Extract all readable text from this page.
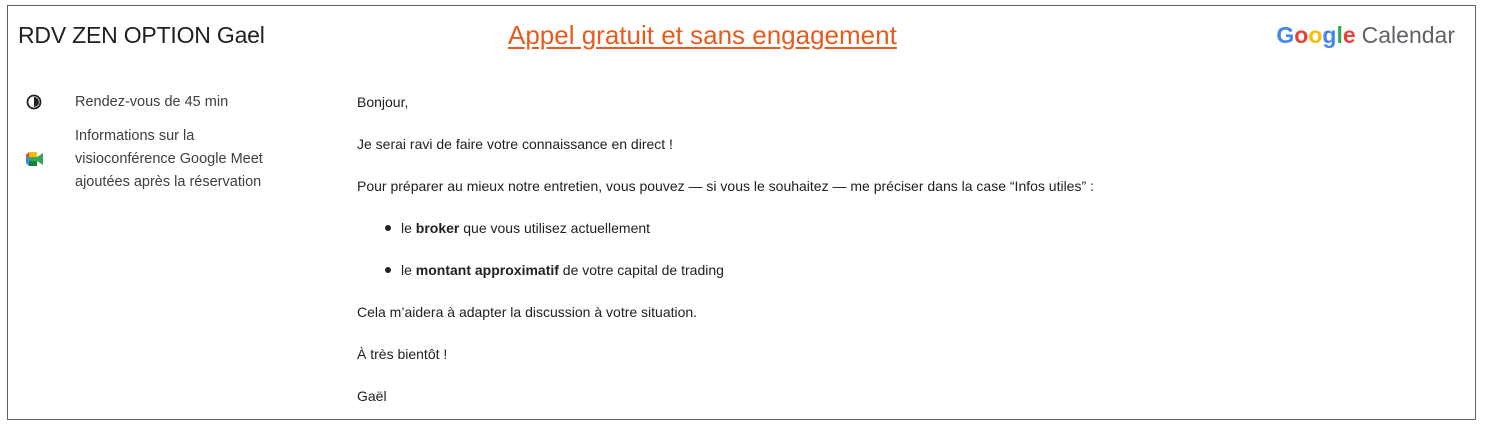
RDV ZEN OPTION Gael	Appel gratuit et sans engagement	Google Calendar
Rendez-vous de 45 min
Informations sur la
visioconférence Google Meet
ajoutées après la réservation
Bonjour,
Je serai ravi de faire votre connaissance en direct !
Pour préparer au mieux notre entretien, vous pouvez — si vous le souhaitez — me préciser dans la case “Infos utiles” :
le broker que vous utilisez actuellement
le montant approximatif de votre capital de trading
Cela m’aidera à adapter la discussion à votre situation.
À très bientôt !
Gaël
